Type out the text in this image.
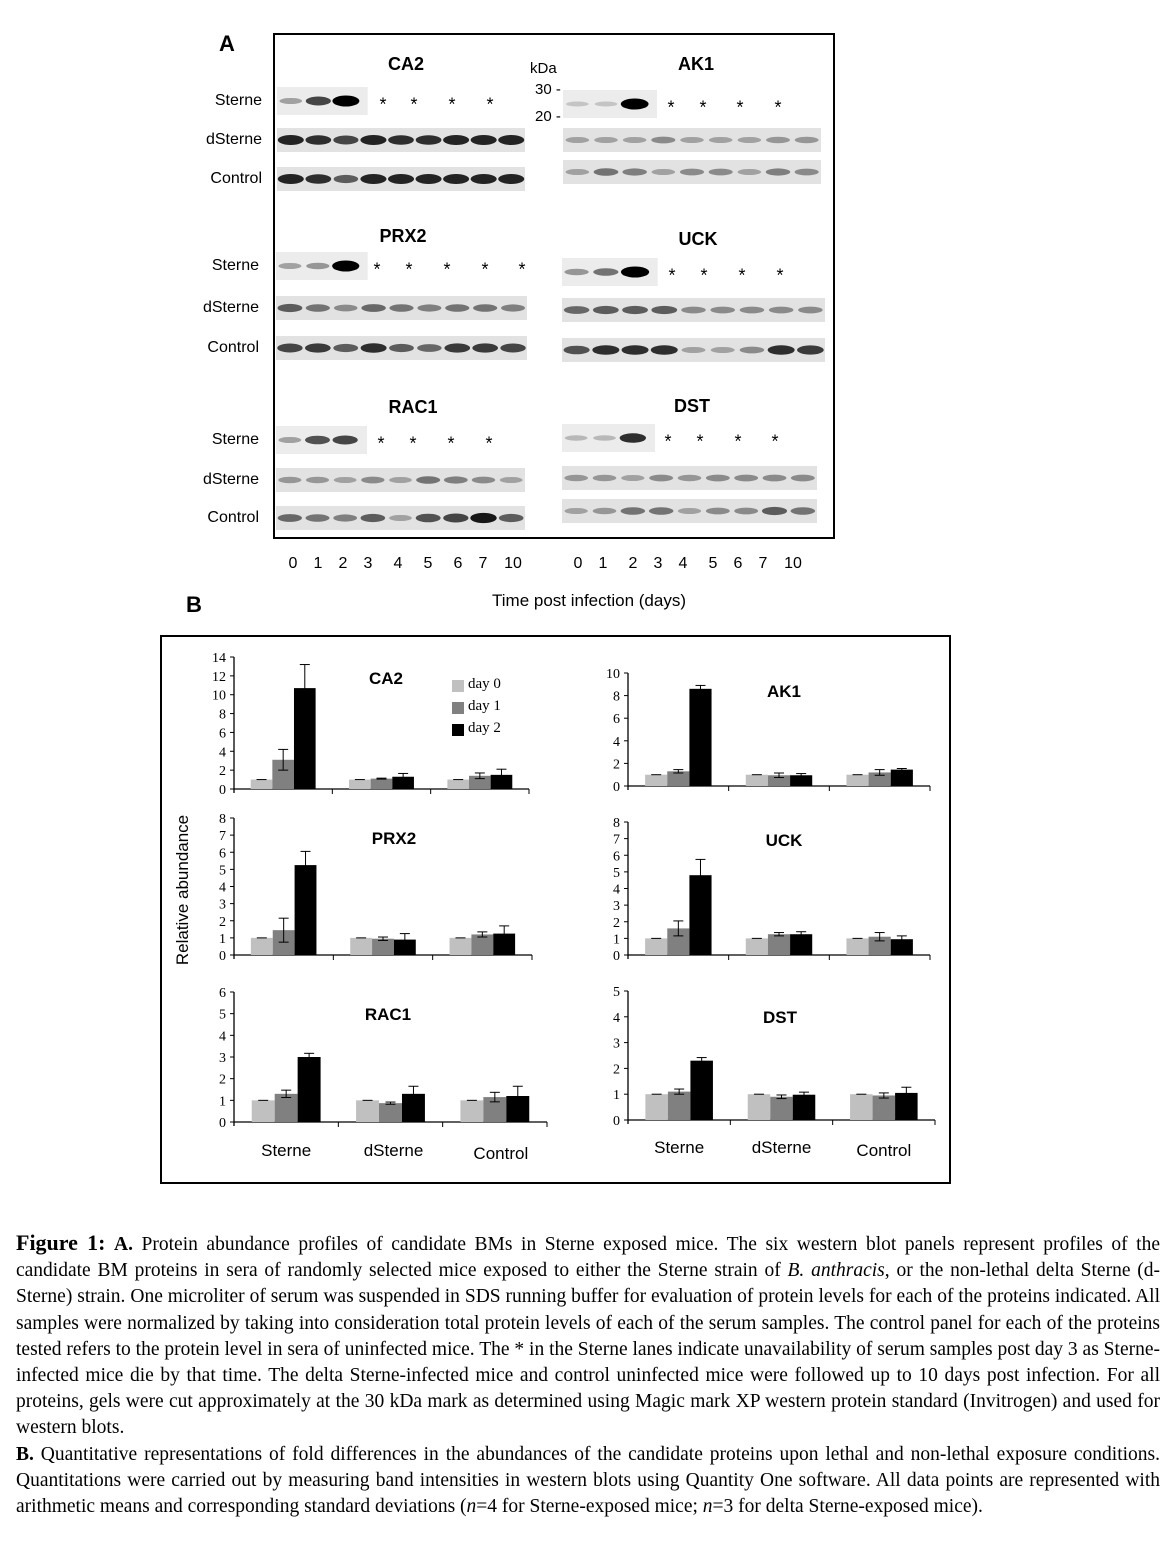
A
kDa
30 -
20 -
0 1 2 3 4 5 6 7 10	0 1 2 3 4 5 6 7 10
Time post infection (days)
B
Relative abundance
0
2
4
6
8
10
12
14
0
2
4
6
8
10
0
1
2
3
4
5
6
7
8
0
1
2
3
4
5
6
7
8
0
1
2
3
4
5
6
0
1
2
3
4
5
CA2
AK1
PRX2	UCK
RAC1
Sterne	dSterne	Control
DST
Sterne	dSterne	Control
day 0
day 1
day 2

Figure 1: A. Protein abundance profiles of candidate BMs in Sterne exposed mice. The six western blot panels represent profiles of the candidate BM proteins in sera of randomly selected mice exposed to either the Sterne strain of B. anthracis, or the non-lethal delta Sterne (d-Sterne) strain. One microliter of serum was suspended in SDS running buffer for evaluation of protein levels for each of the proteins indicated. All samples were normalized by taking into consideration total protein levels of each of the serum samples. The control panel for each of the proteins tested refers to the protein level in sera of uninfected mice. The * in the Sterne lanes indicate unavailability of serum samples post day 3 as Sterne-infected mice die by that time. The delta Sterne-infected mice and control uninfected mice were followed up to 10 days post infection. For all proteins, gels were cut approximately at the 30 kDa mark as determined using Magic mark XP western protein standard (Invitrogen) and used for western blots.

B. Quantitative representations of fold differences in the abundances of the candidate proteins upon lethal and non-lethal exposure conditions. Quantitations were carried out by measuring band intensities in western blots using Quantity One software. All data points are represented with arithmetic means and corresponding standard deviations (n=4 for Sterne-exposed mice; n=3 for delta Sterne-exposed mice).

CA2
Sterne
dSterne
Control
* * * *
AK1
* * * *
PRX2
Sterne
dSterne
Control
* * * * *
UCK
* * * *
RAC1
Sterne
dSterne
Control
* * * *
DST
* * * *
